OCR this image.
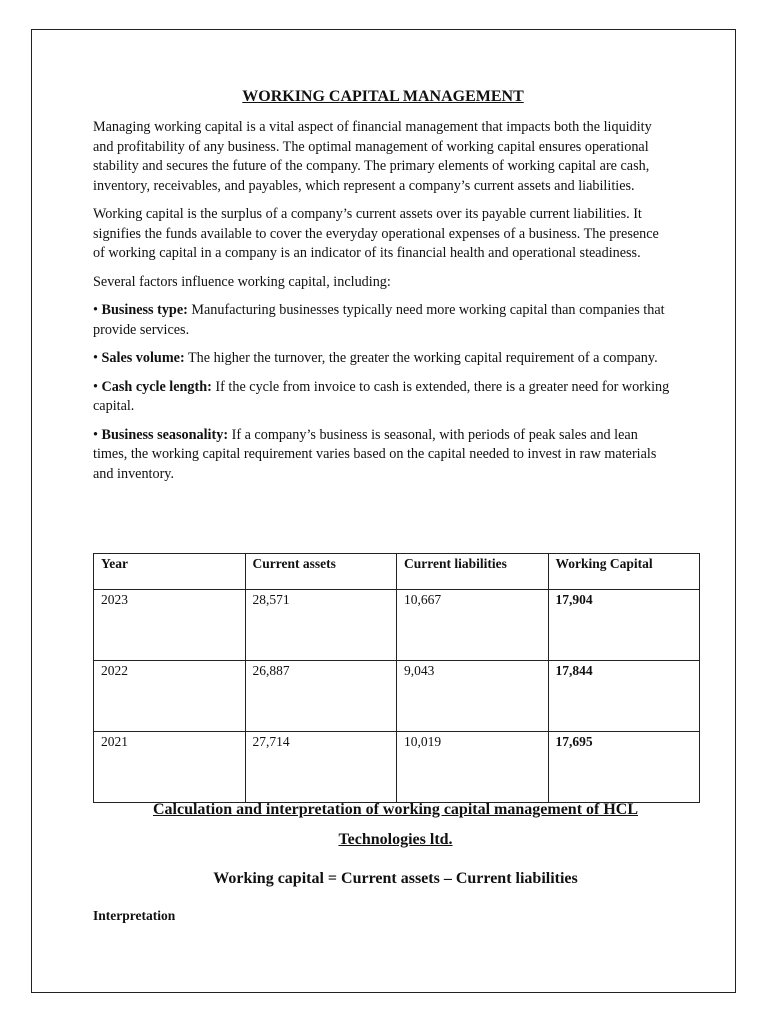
WORKING CAPITAL MANAGEMENT

Managing working capital is a vital aspect of financial management that impacts both the liquidity and profitability of any business. The optimal management of working capital ensures operational stability and secures the future of the company. The primary elements of working capital are cash, inventory, receivables, and payables, which represent a company’s current assets and liabilities.

Working capital is the surplus of a company’s current assets over its payable current liabilities. It signifies the funds available to cover the everyday operational expenses of a business. The presence of working capital in a company is an indicator of its financial health and operational steadiness.

Several factors influence working capital, including:

• Business type: Manufacturing businesses typically need more working capital than companies that provide services.

• Sales volume: The higher the turnover, the greater the working capital requirement of a company.

• Cash cycle length: If the cycle from invoice to cash is extended, there is a greater need for working capital.

• Business seasonality: If a company’s business is seasonal, with periods of peak sales and lean times, the working capital requirement varies based on the capital needed to invest in raw materials and inventory.

Year	Current assets	Current liabilities	Working Capital
2023	28,571	10,667	17,904
2022	26,887	9,043	17,844
2021	27,714	10,019	17,695
Calculation and interpretation of working capital management of HCL
Technologies ltd.
Working capital = Current assets – Current liabilities
Interpretation
